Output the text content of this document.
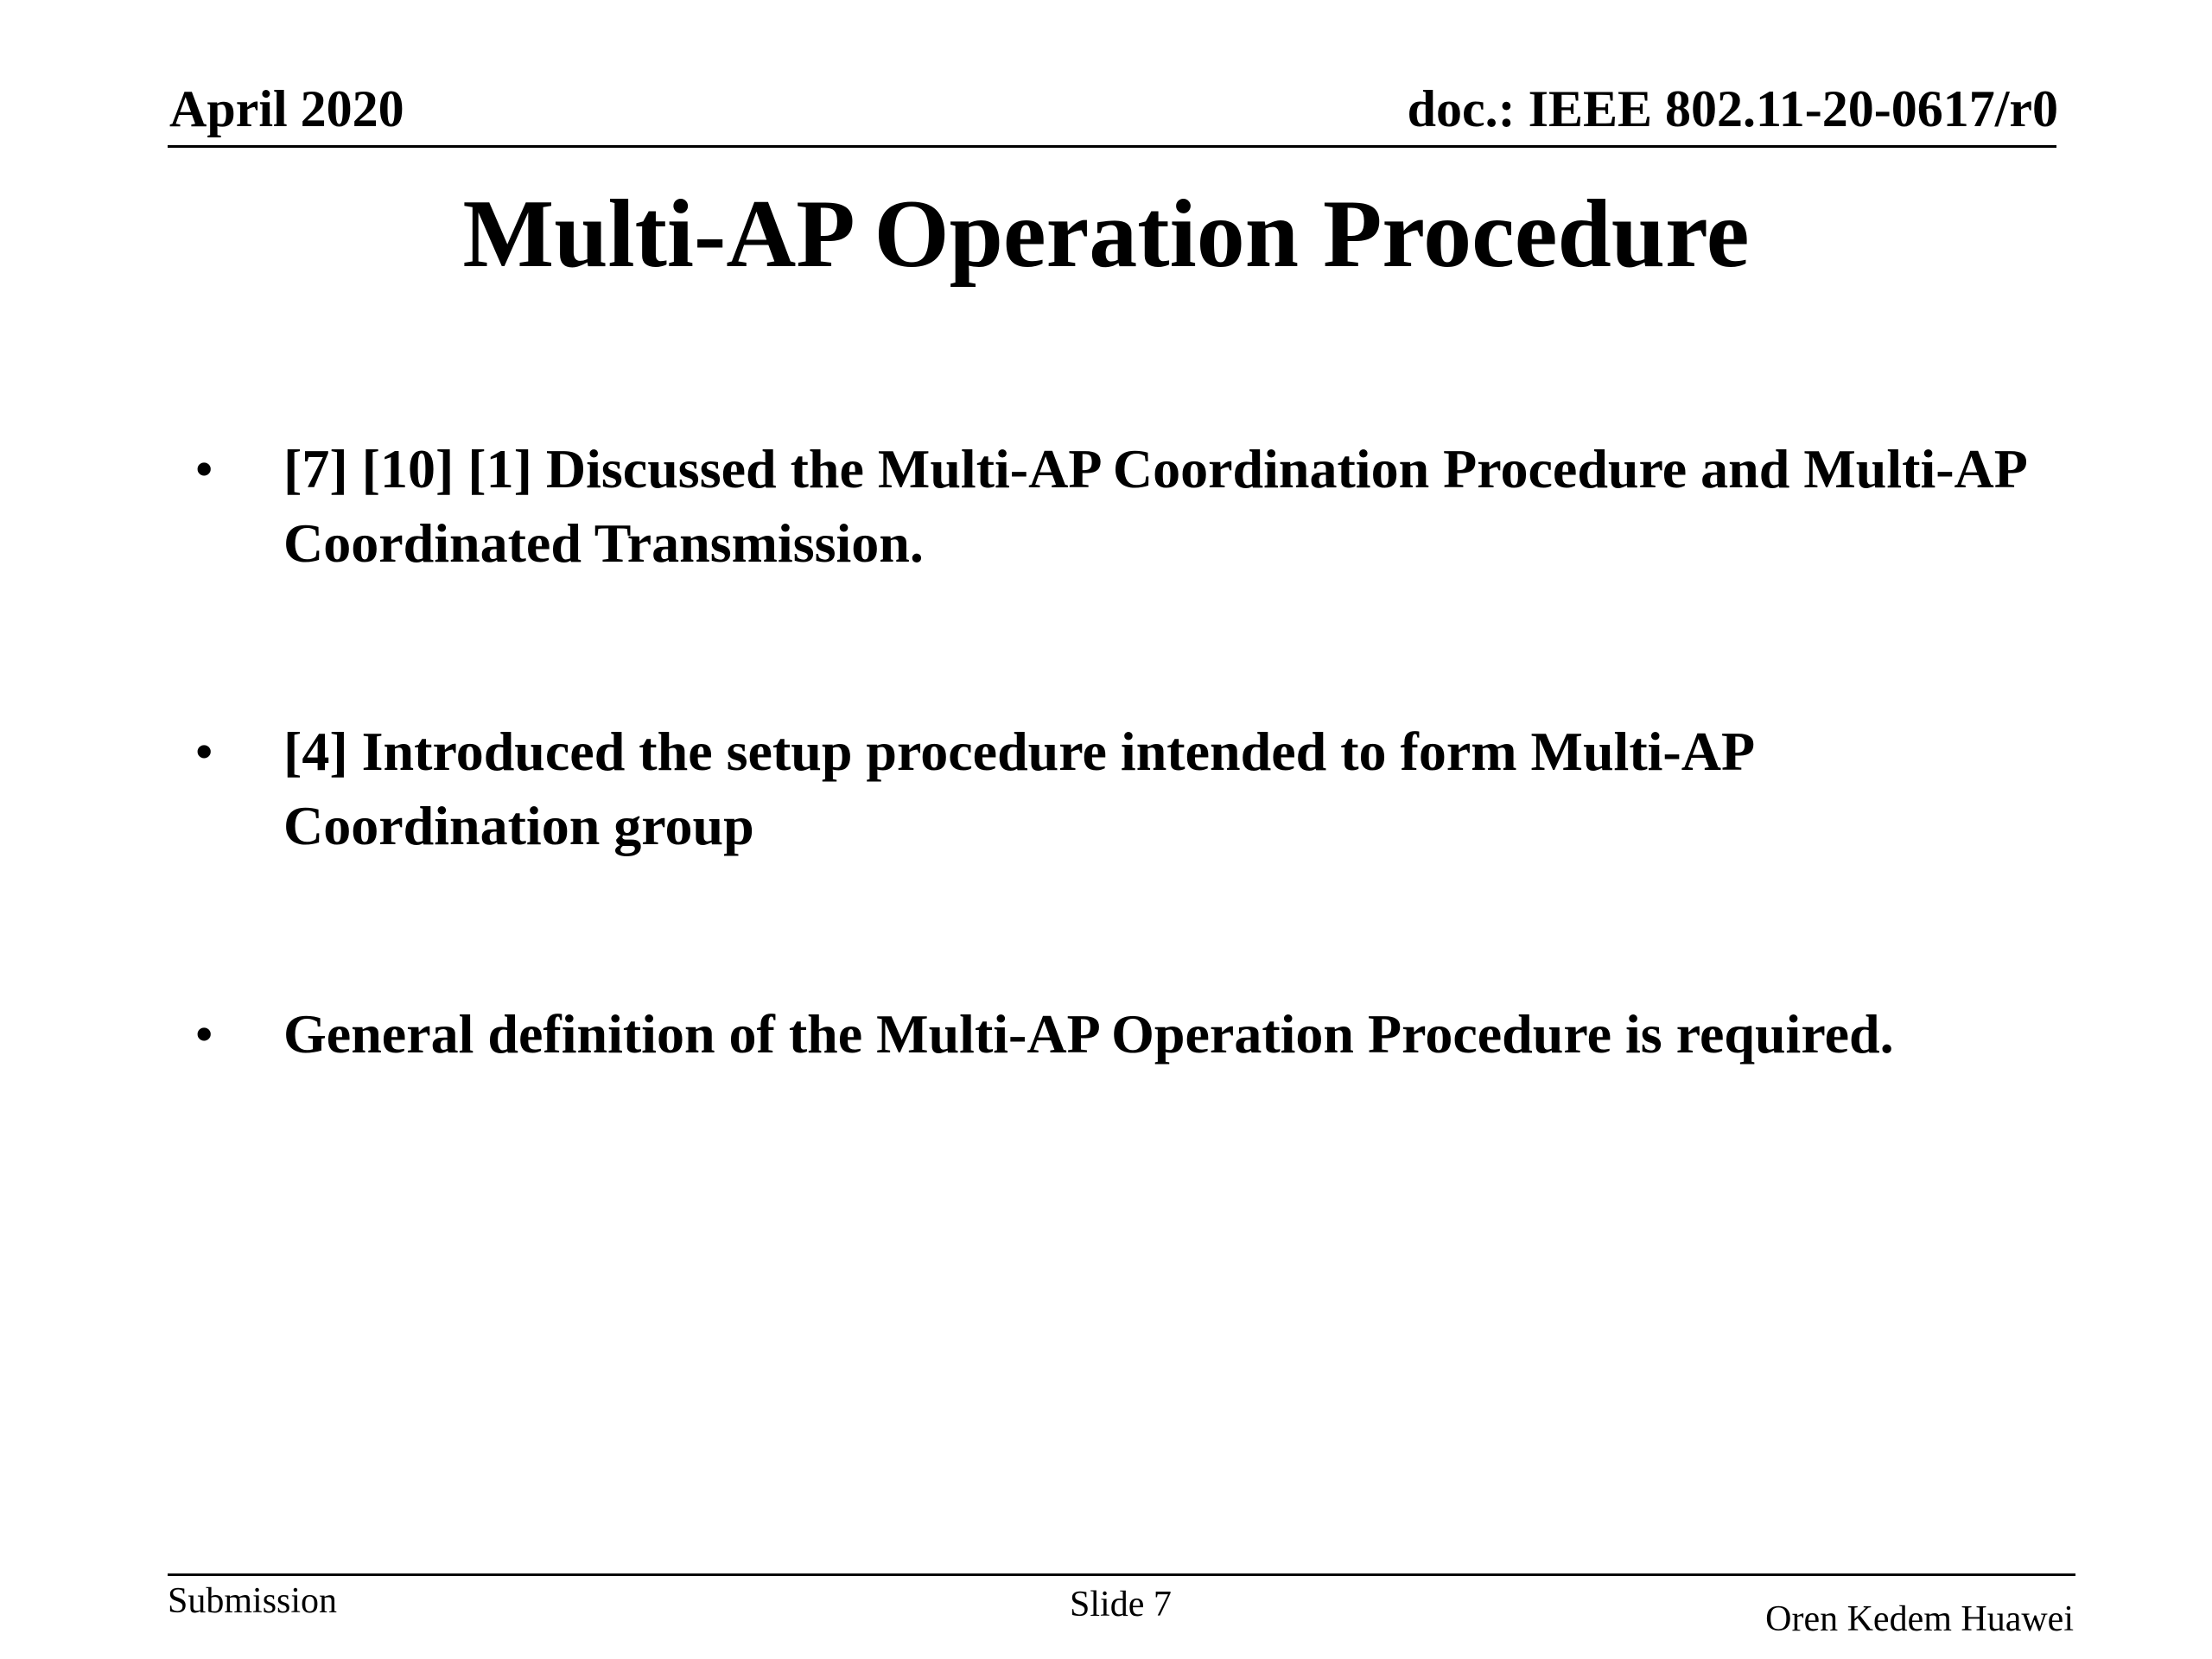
April 2020	doc.: IEEE 802.11-20-0617/r0
Multi-AP Operation Procedure
• [7] [10] [1] Discussed the Multi-AP Coordination Procedure and Multi-AP Coordinated Transmission.
• [4] Introduced the setup procedure intended to form Multi-AP Coordination group
• General definition of the Multi-AP Operation Procedure is required.
Submission	Slide 7	Oren Kedem Huawei
